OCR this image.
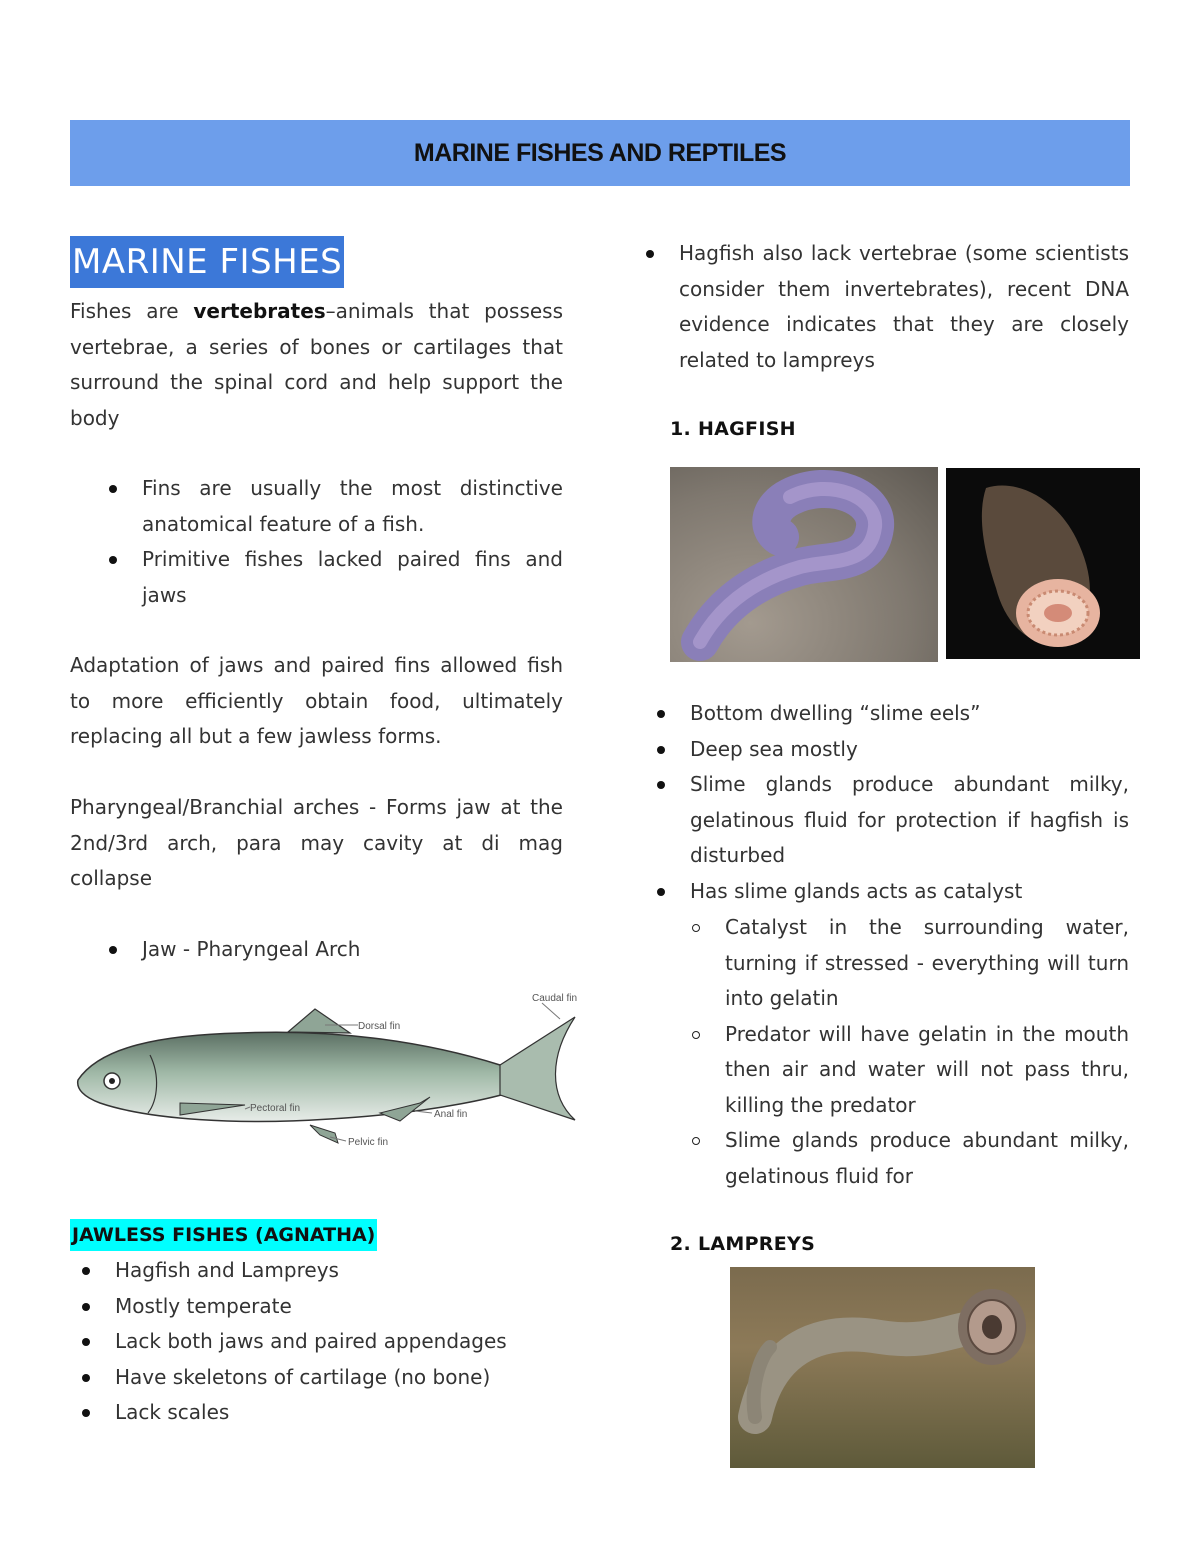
MARINE FISHES AND REPTILES
MARINE FISHES

Fishes are vertebrates–animals that possess vertebrae, a series of bones or cartilages that surround the spinal cord and help support the body

Fins are usually the most distinctive anatomical feature of a fish.
Primitive fishes lacked paired fins and jaws

Adaptation of jaws and paired fins allowed fish to more efficiently obtain food, ultimately replacing all but a few jawless forms.

Pharyngeal/Branchial arches - Forms jaw at the 2nd/3rd arch, para may cavity at di mag collapse

Jaw - Pharyngeal Arch
Caudal fin
Dorsal fin
Pectoral fin
Anal fin
Pelvic fin
JAWLESS FISHES (AGNATHA)
Hagfish and Lampreys
Mostly temperate
Lack both jaws and paired appendages
Have skeletons of cartilage (no bone)
Lack scales
Hagfish also lack vertebrae (some scientists consider them invertebrates), recent DNA evidence indicates that they are closely related to lampreys

1. HAGFISH

Bottom dwelling “slime eels”
Deep sea mostly
Slime glands produce abundant milky, gelatinous fluid for protection if hagfish is disturbed
Has slime glands acts as catalyst
Catalyst in the surrounding water, turning if stressed - everything will turn into gelatin
Predator will have gelatin in the mouth then air and water will not pass thru, killing the predator
Slime glands produce abundant milky, gelatinous fluid for

2. LAMPREYS
